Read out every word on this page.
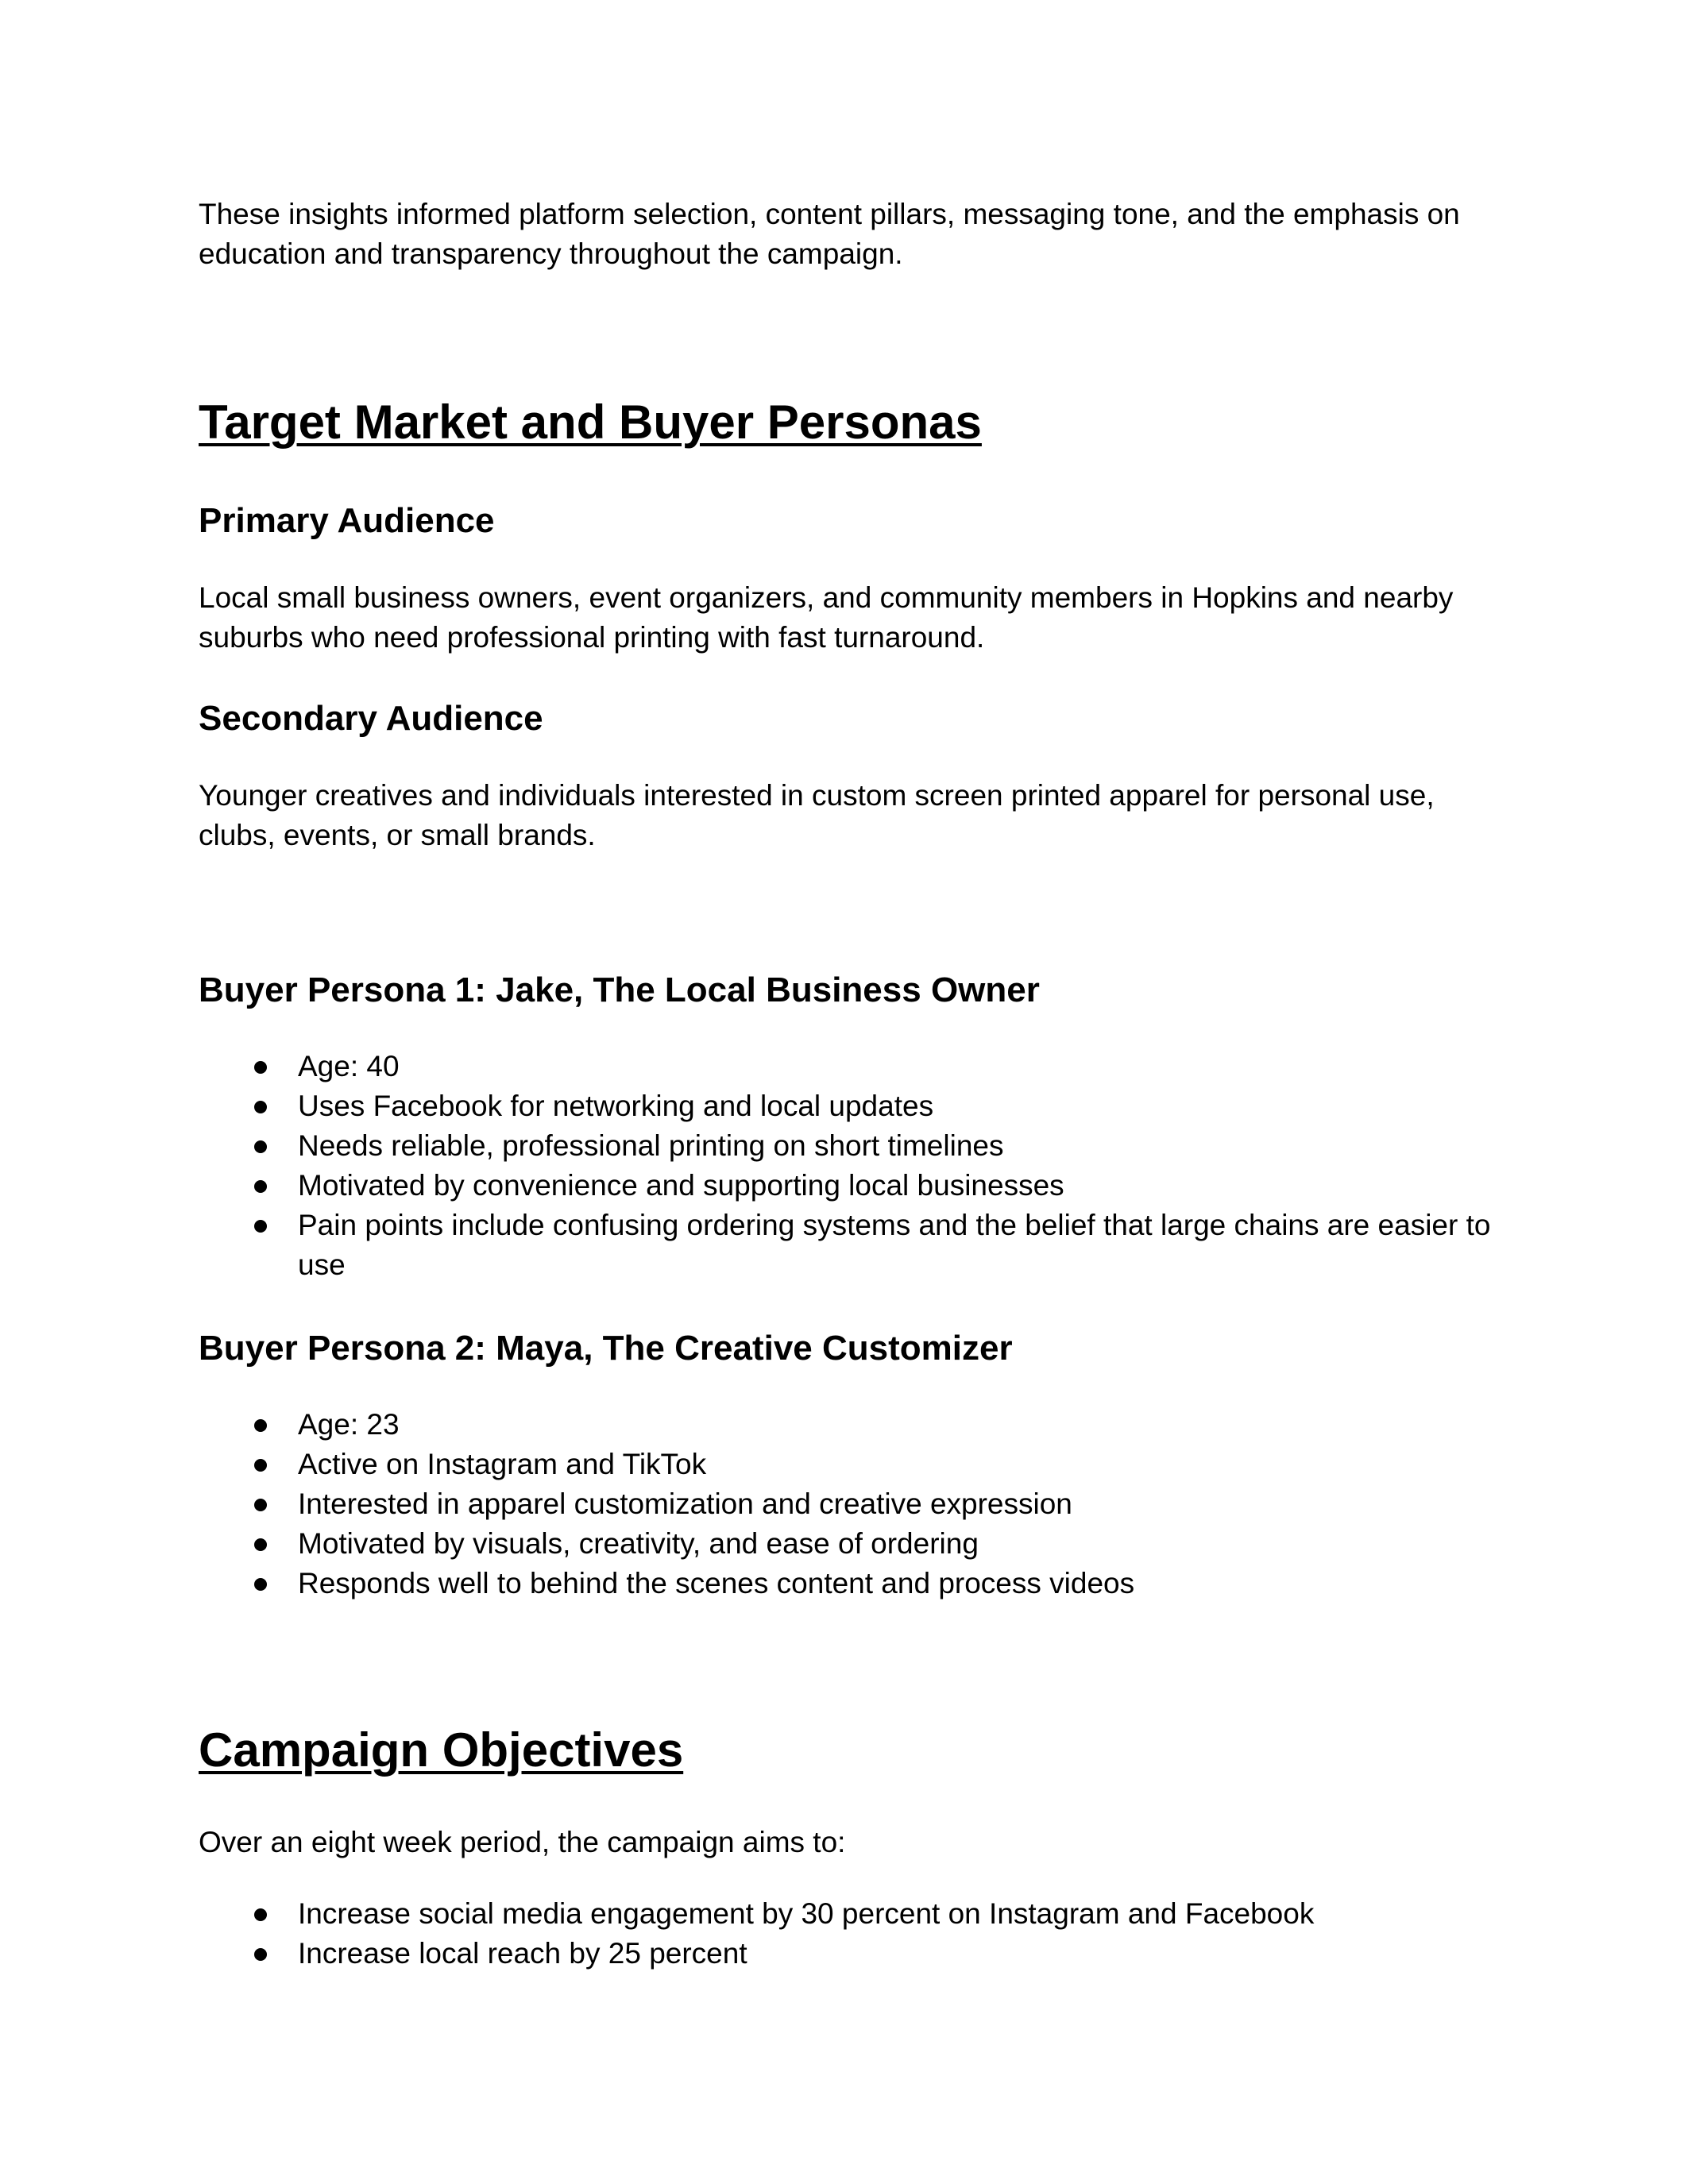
These insights informed platform selection, content pillars, messaging tone, and the emphasis on education and transparency throughout the campaign.

Target Market and Buyer Personas
Primary Audience

Local small business owners, event organizers, and community members in Hopkins and nearby suburbs who need professional printing with fast turnaround.

Secondary Audience

Younger creatives and individuals interested in custom screen printed apparel for personal use, clubs, events, or small brands.

Buyer Persona 1: Jake, The Local Business Owner
Age: 40
Uses Facebook for networking and local updates
Needs reliable, professional printing on short timelines
Motivated by convenience and supporting local businesses
Pain points include confusing ordering systems and the belief that large chains are easier to use
Buyer Persona 2: Maya, The Creative Customizer
Age: 23
Active on Instagram and TikTok
Interested in apparel customization and creative expression
Motivated by visuals, creativity, and ease of ordering
Responds well to behind the scenes content and process videos
Campaign Objectives

Over an eight week period, the campaign aims to:

Increase social media engagement by 30 percent on Instagram and Facebook
Increase local reach by 25 percent
